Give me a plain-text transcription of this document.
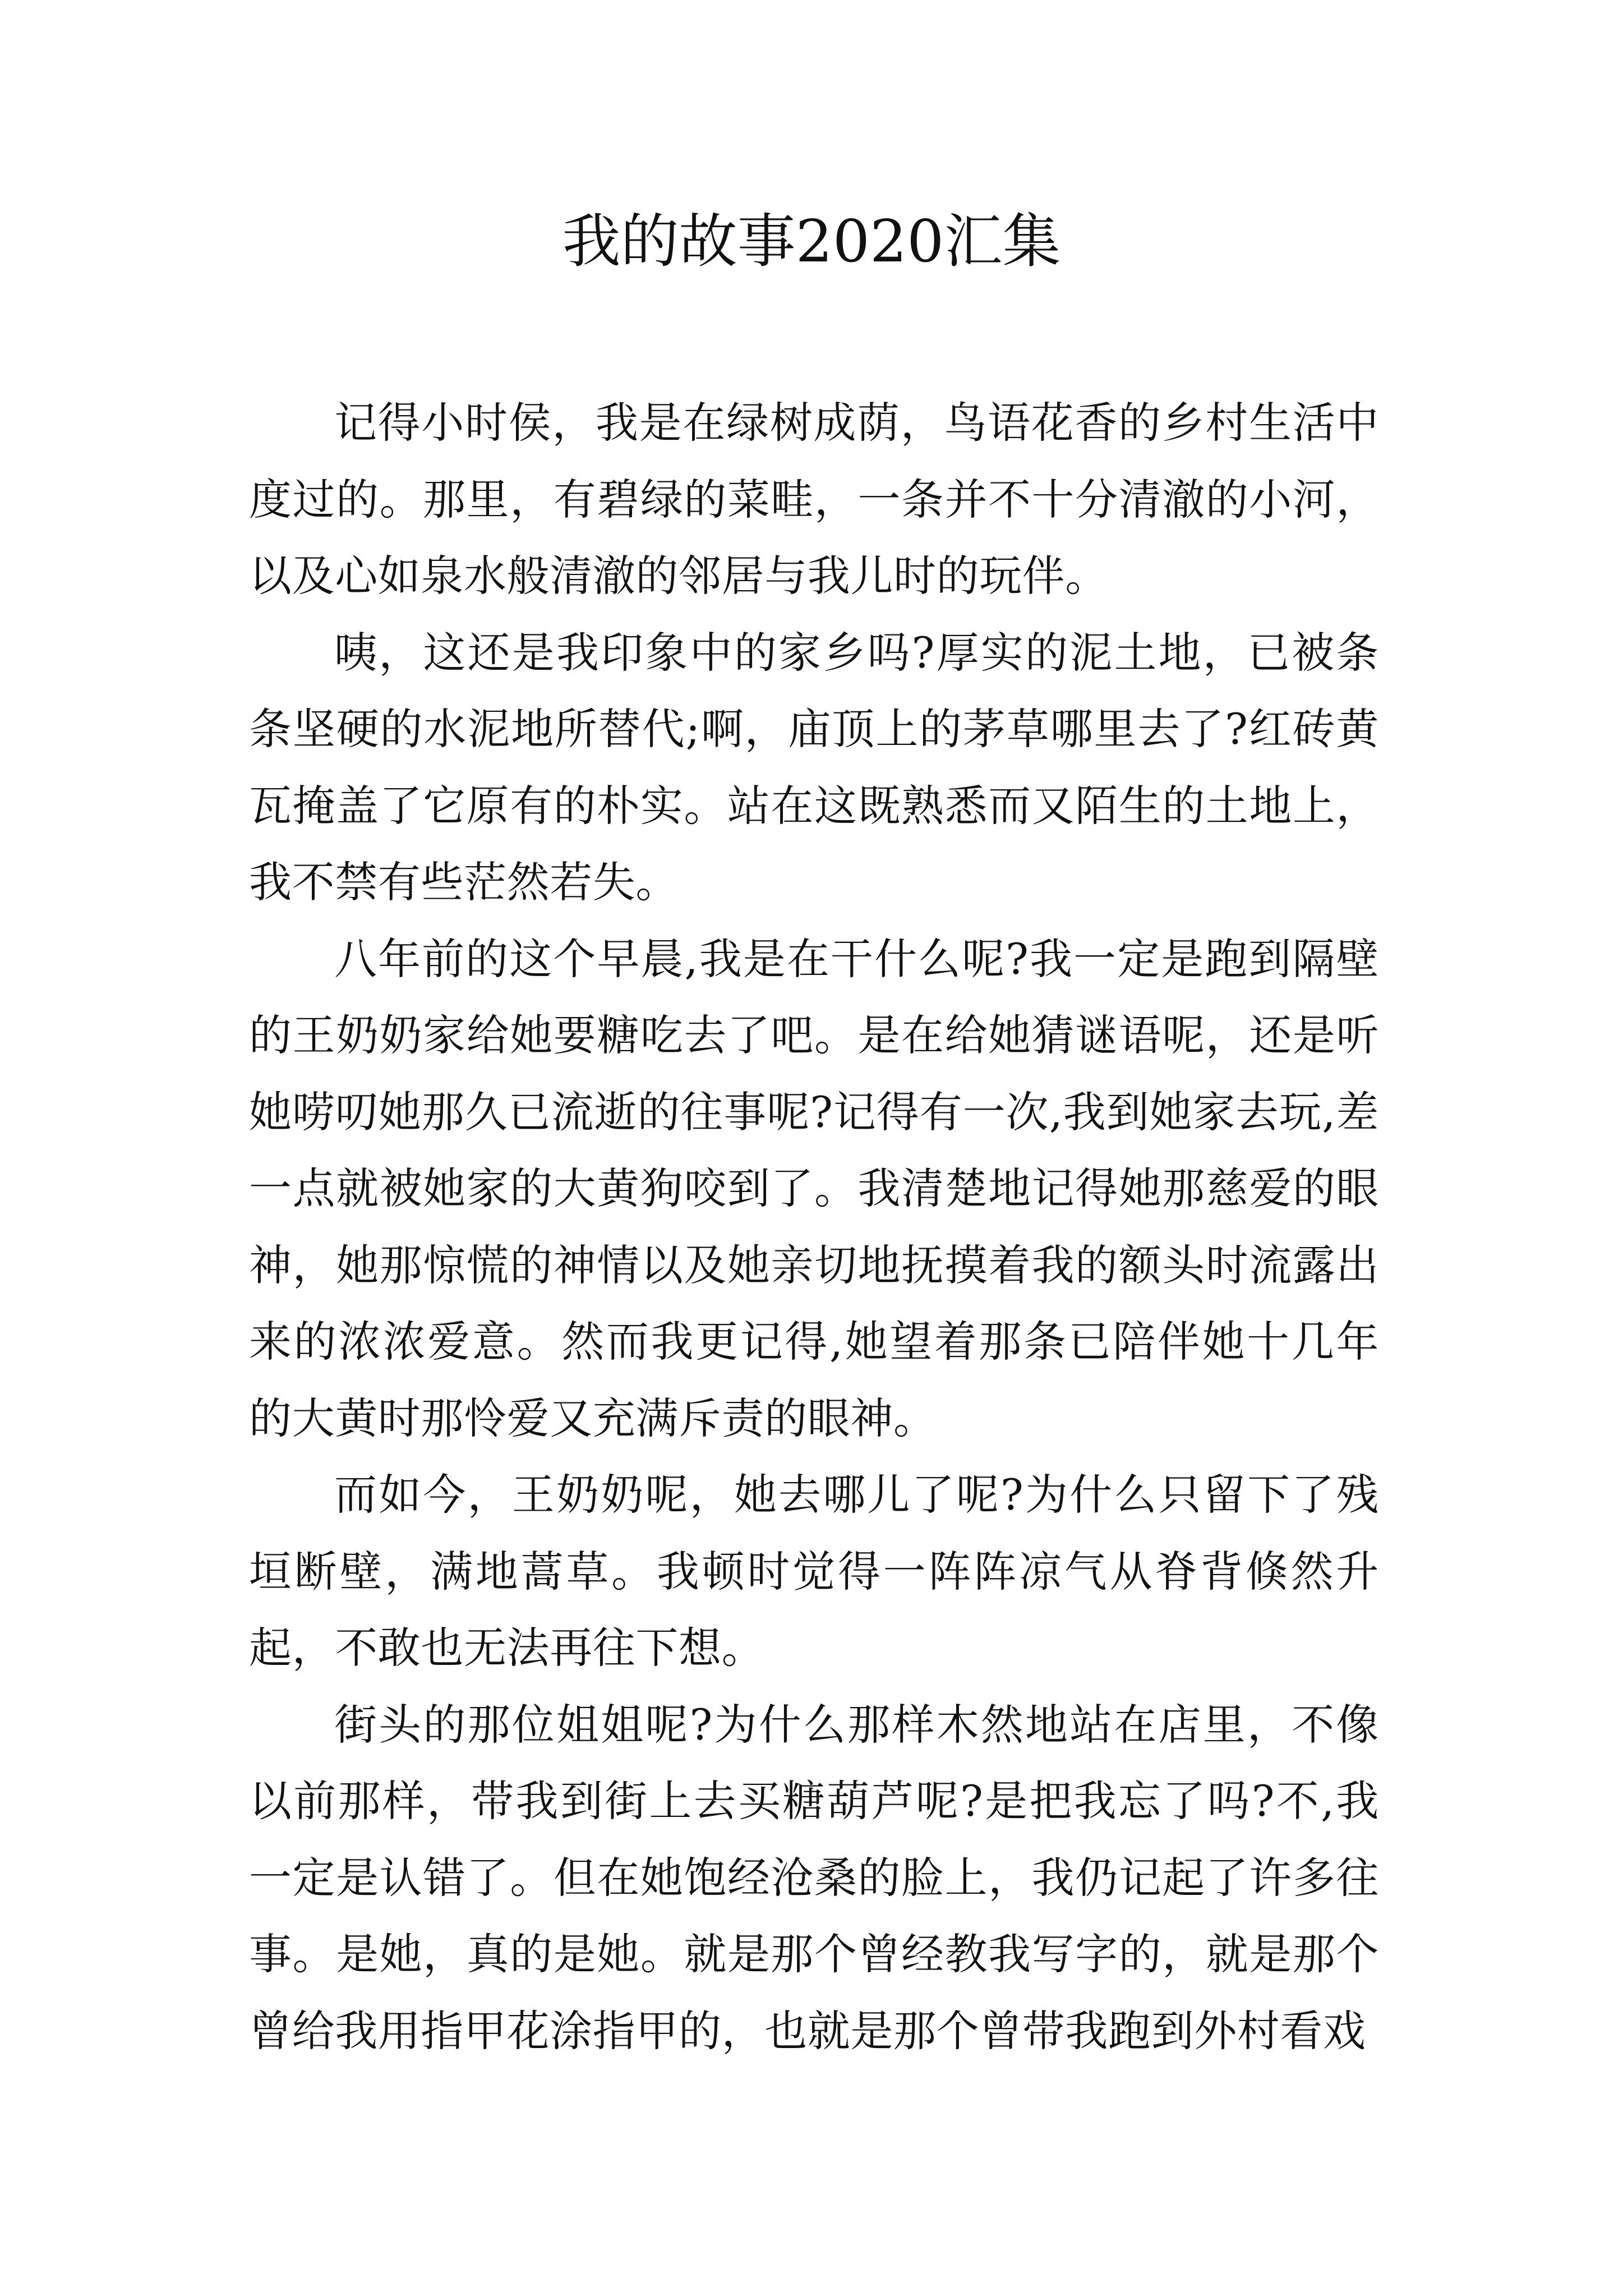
我的故事2020汇集

记得小时侯，我是在绿树成荫，鸟语花香的乡村生活中度过的。那里，有碧绿的菜畦，一条并不十分清澈的小河，以及心如泉水般清澈的邻居与我儿时的玩伴。

咦，这还是我印象中的家乡吗?厚实的泥土地，已被条条坚硬的水泥地所替代;啊，庙顶上的茅草哪里去了?红砖黄瓦掩盖了它原有的朴实。站在这既熟悉而又陌生的土地上，我不禁有些茫然若失。

八年前的这个早晨,我是在干什么呢?我一定是跑到隔壁的王奶奶家给她要糖吃去了吧。是在给她猜谜语呢，还是听她唠叨她那久已流逝的往事呢?记得有一次,我到她家去玩,差一点就被她家的大黄狗咬到了。我清楚地记得她那慈爱的眼神，她那惊慌的神情以及她亲切地抚摸着我的额头时流露出来的浓浓爱意。然而我更记得,她望着那条已陪伴她十几年的大黄时那怜爱又充满斥责的眼神。

而如今，王奶奶呢，她去哪儿了呢?为什么只留下了残垣断壁，满地蒿草。我顿时觉得一阵阵凉气从脊背倏然升起，不敢也无法再往下想。

街头的那位姐姐呢?为什么那样木然地站在店里，不像以前那样，带我到街上去买糖葫芦呢?是把我忘了吗?不,我一定是认错了。但在她饱经沧桑的脸上，我仍记起了许多往事。是她，真的是她。就是那个曾经教我写字的，就是那个曾给我用指甲花涂指甲的，也就是那个曾带我跑到外村看戏
